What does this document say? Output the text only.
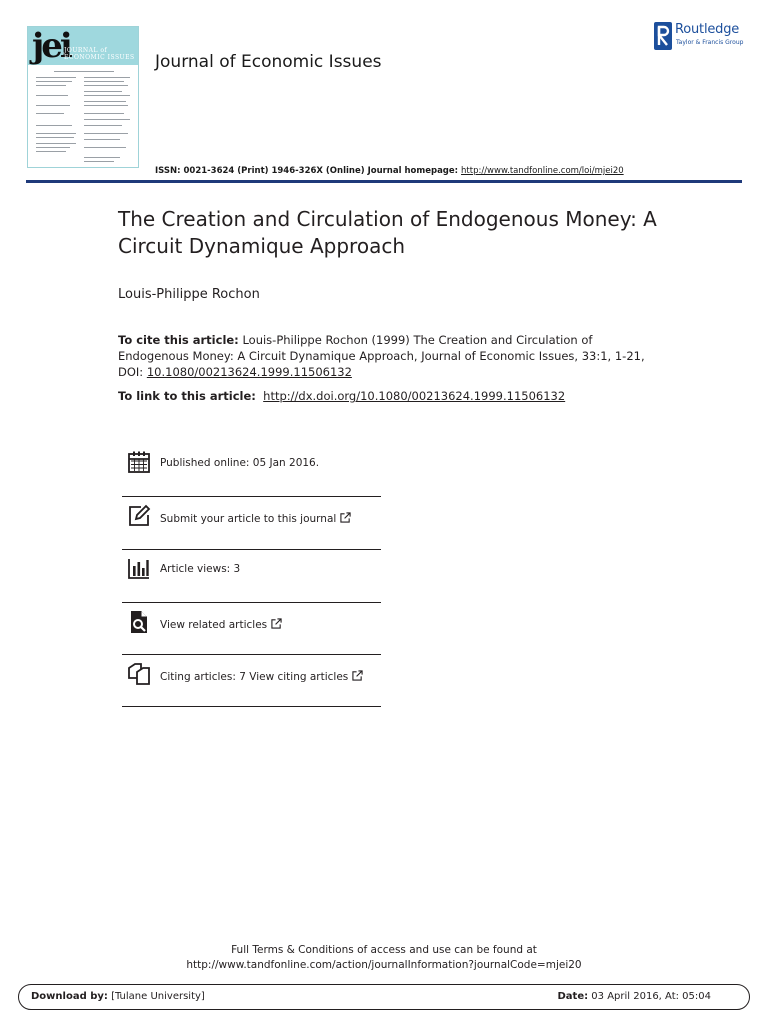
jei
JOURNAL of
ECONOMIC ISSUES Journal of Economic Issues
Routledge
Taylor & Francis Group
ISSN: 0021-3624 (Print) 1946-326X (Online) Journal homepage: http://www.tandfonline.com/loi/mjei20
The Creation and Circulation of Endogenous Money: A Circuit Dynamique Approach
Louis-Philippe Rochon
To cite this article: Louis-Philippe Rochon (1999) The Creation and Circulation of Endogenous Money: A Circuit Dynamique Approach, Journal of Economic Issues, 33:1, 1-21, DOI: 10.1080/00213624.1999.11506132
To link to this article: http://dx.doi.org/10.1080/00213624.1999.11506132
Published online: 05 Jan 2016.
Submit your article to this journal
Article views: 3
View related articles
Citing articles: 7 View citing articles
Full Terms & Conditions of access and use can be found at
http://www.tandfonline.com/action/journalInformation?journalCode=mjei20
Download by: [Tulane University]	Date: 03 April 2016, At: 05:04
